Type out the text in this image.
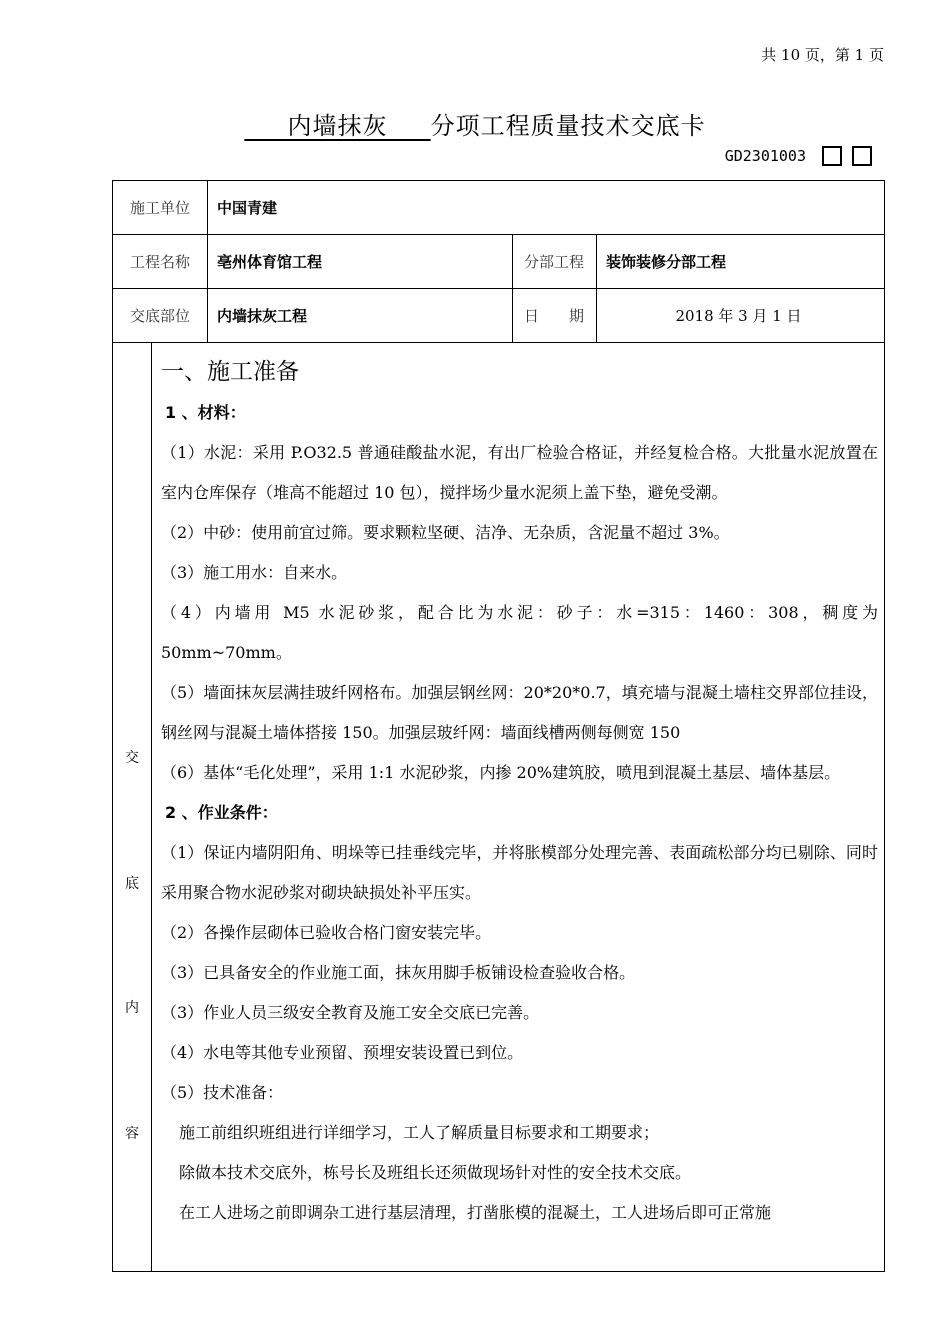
共 10 页，第 1 页
内墙抹灰     分项工程质量技术交底卡
GD2301003
施工单位	中国青建
工程名称	亳州体育馆工程	分部工程	装饰装修分部工程
交底部位	内墙抹灰工程	日　　期	2018 年 3 月 1 日
交
底
内
容
一、施工准备
1 、材料：
（1）水泥：采用 P.O32.5 普通硅酸盐水泥，有出厂检验合格证，并经复检合格。大批量水泥放置在室内仓库保存（堆高不能超过 10 包），搅拌场少量水泥须上盖下垫，避免受潮。
（2）中砂：使用前宜过筛。要求颗粒坚硬、洁净、无杂质，含泥量不超过 3%。
（3）施工用水：自来水。
（4）内墙用 M5 水泥砂浆，配合比为水泥：砂子：水=315：1460：308，稠度为 50mm~70mm。
（5）墙面抹灰层满挂玻纤网格布。加强层钢丝网：20*20*0.7，填充墙与混凝土墙柱交界部位挂设，钢丝网与混凝土墙体搭接 150。加强层玻纤网：墙面线槽两侧每侧宽 150
（6）基体“毛化处理”，采用 1:1 水泥砂浆，内掺 20%建筑胶，喷甩到混凝土基层、墙体基层。
2 、作业条件：
（1）保证内墙阴阳角、明垛等已挂垂线完毕，并将胀模部分处理完善、表面疏松部分均已剔除、同时采用聚合物水泥砂浆对砌块缺损处补平压实。
（2）各操作层砌体已验收合格门窗安装完毕。
（3）已具备安全的作业施工面，抹灰用脚手板铺设检查验收合格。
（3）作业人员三级安全教育及施工安全交底已完善。
（4）水电等其他专业预留、预埋安装设置已到位。
（5）技术准备：
施工前组织班组进行详细学习，工人了解质量目标要求和工期要求；
除做本技术交底外，栋号长及班组长还须做现场针对性的安全技术交底。
在工人进场之前即调杂工进行基层清理，打凿胀模的混凝土，工人进场后即可正常施
